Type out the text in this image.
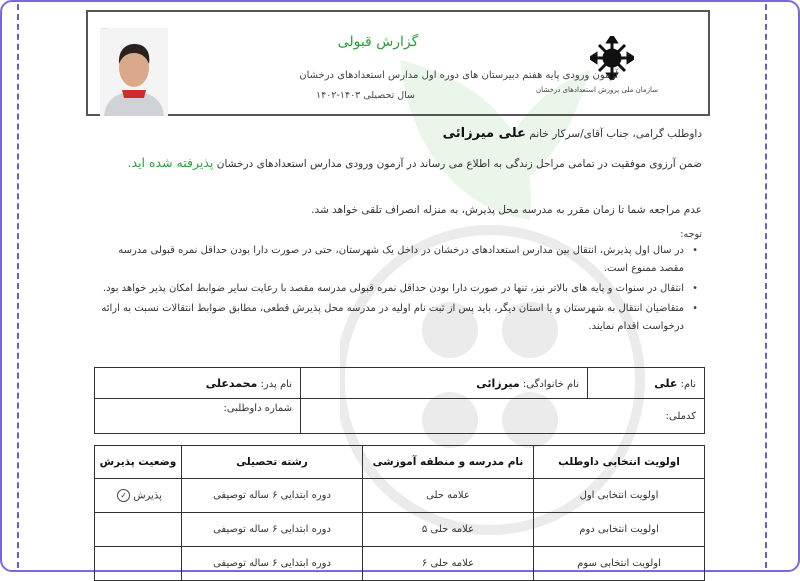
سازمان ملی پرورش استعدادهای درخشان
گزارش قبولی
آزمون ورودی پایه هفتم دبیرستان های دوره اول مدارس استعدادهای درخشان
سال تحصیلی ۱۴۰۳-۱۴۰۲
داوطلب گرامی، جناب آقای/سرکار خانم علی میرزائی
ضمن آرزوی موفقیت در تمامی مراحل زندگی به اطلاع می رساند در آزمون ورودی مدارس استعدادهای درخشان پذیرفته شده اید.
عدم مراجعه شما تا زمان مقرر به مدرسه محل پذیرش، به منزله انصراف تلقی خواهد شد.
توجه:
• در سال اول پذیرش، انتقال بین مدارس استعدادهای درخشان در داخل یک شهرستان، حتی در صورت دارا بودن حداقل نمره قبولی مدرسه مقصد ممنوع است.
• انتقال در سنوات و پایه های بالاتر نیز، تنها در صورت دارا بودن حداقل نمره قبولی مدرسه مقصد با رعایت سایر ضوابط امکان پذیر خواهد بود.
• متقاضیان انتقال به شهرستان و یا استان دیگر، باید پس از ثبت نام اولیه در مدرسه محل پذیرش قطعی، مطابق ضوابط انتقالات نسبت به ارائه درخواست اقدام نمایند.
نام: علی	نام خانوادگی: میرزائی	نام پدر: محمدعلی
کدملی:		شماره داوطلبی:
اولویت انتخابی داوطلب	نام مدرسه و منطقه آموزشی	رشته تحصیلی	وضعیت پذیرش
اولویت انتخابی اول	علامه حلی	دوره ابتدایی ۶ ساله توصیفی	پذیرش ✓
اولویت انتخابی دوم	علامه حلی ۵	دوره ابتدایی ۶ ساله توصیفی	
اولویت انتخابی سوم	علامه حلی ۶	دوره ابتدایی ۶ ساله توصیفی	
